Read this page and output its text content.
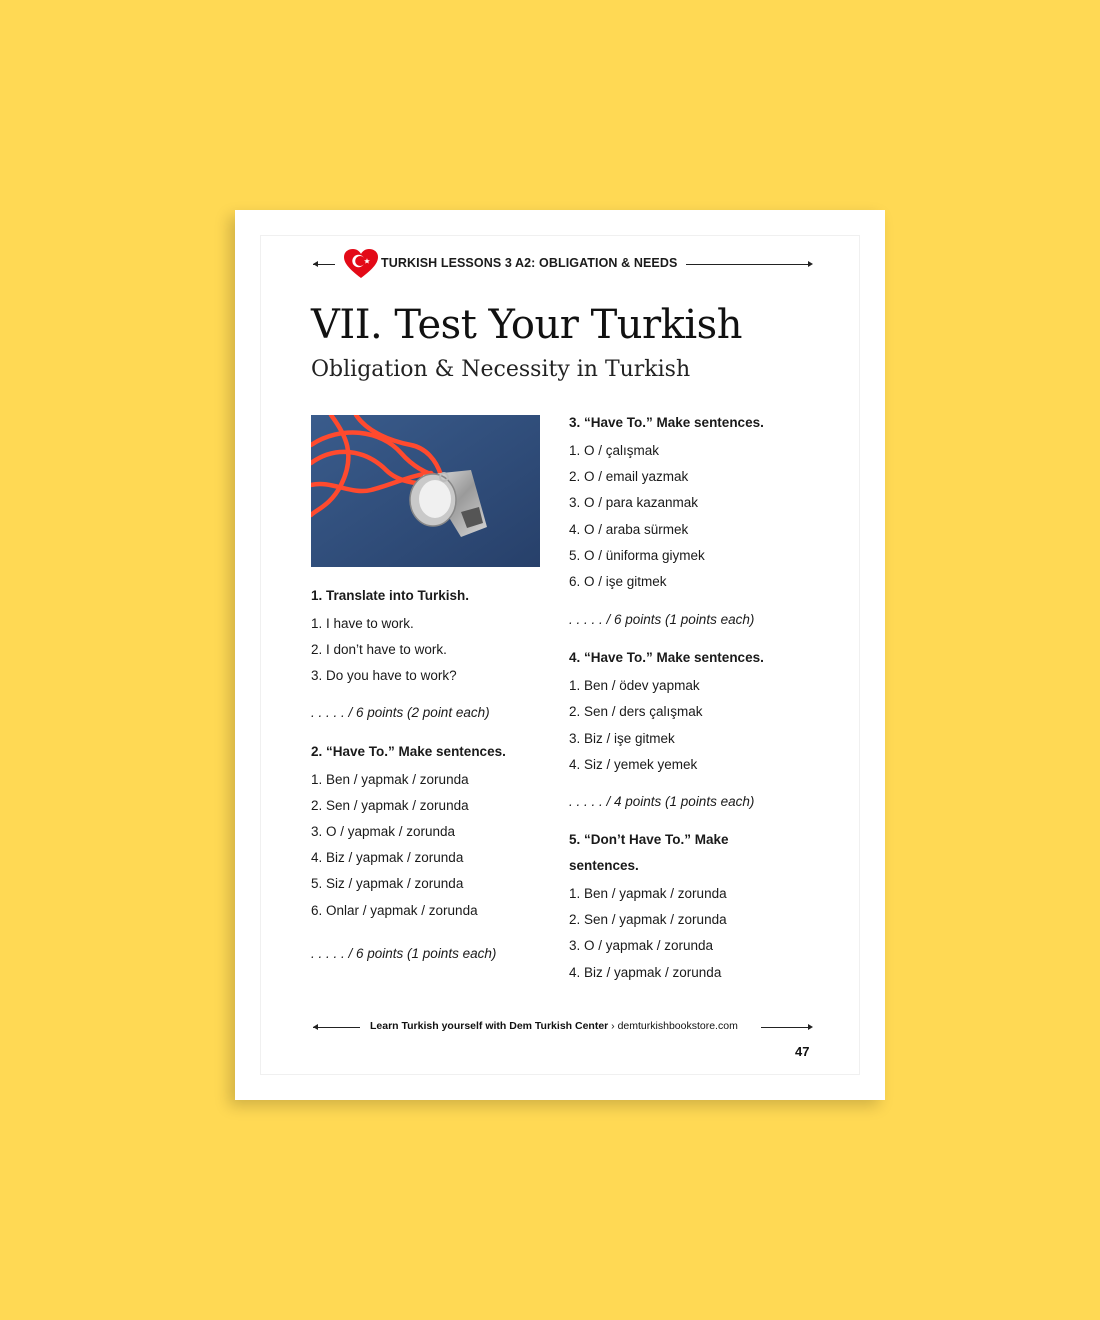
TURKISH LESSONS 3 A2: OBLIGATION & NEEDS
VII. Test Your Turkish
Obligation & Necessity in Turkish

1. Translate into Turkish.

1. I have to work.

2. I don’t have to work.

3. Do you have to work?

. . . . . / 6 points (2 point each)

2. “Have To.” Make sentences.

1. Ben / yapmak / zorunda

2. Sen / yapmak / zorunda

3. O / yapmak / zorunda

4. Biz / yapmak / zorunda

5. Siz / yapmak / zorunda

6. Onlar / yapmak / zorunda

. . . . . / 6 points (1 points each)

3. “Have To.” Make sentences.

1. O / çalışmak

2. O / email yazmak

3. O / para kazanmak

4. O / araba sürmek

5. O / üniforma giymek

6. O / işe gitmek

. . . . . / 6 points (1 points each)

4. “Have To.” Make sentences.

1. Ben / ödev yapmak

2. Sen / ders çalışmak

3. Biz / işe gitmek

4. Siz / yemek yemek

. . . . . / 4 points (1 points each)

5. “Don’t Have To.” Make sentences.

1. Ben / yapmak / zorunda

2. Sen / yapmak / zorunda

3. O / yapmak / zorunda

4. Biz / yapmak / zorunda

Learn Turkish yourself with Dem Turkish Center › demturkishbookstore.com
47
